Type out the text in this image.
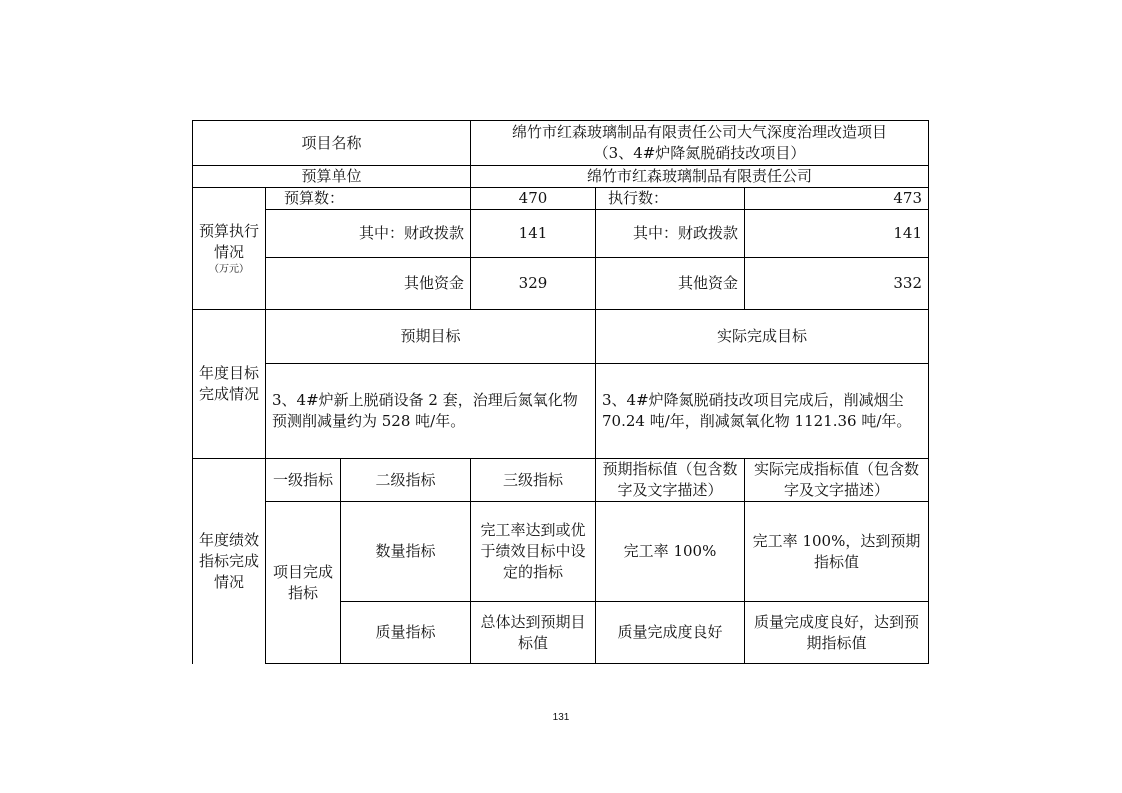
项目名称			绵竹市红森玻璃制品有限责任公司大气深度治理改造项目
（3、4#炉降氮脱硝技改项目）		

预算单位			绵竹市红森玻璃制品有限责任公司		
预算执行情况
（万元）	预算数：		470	执行数：	473
	其中：财政拨款		141	其中：财政拨款	141
	其他资金		329	其他资金	332
年度目标完成情况	预期目标			实际完成目标	
	3、4#炉新上脱硝设备 2 套，治理后氮氧化物预测削减量约为 528 吨/年。			3、4#炉降氮脱硝技改项目完成后，削减烟尘 70.24 吨/年，削减氮氧化物 1121.36 吨/年。	
年度绩效指标完成情况	一级指标	二级指标	三级指标	预期指标值（包含数字及文字描述）	实际完成指标值（包含数字及文字描述）
	项目完成指标	数量指标	完工率达到或优于绩效目标中设定的指标	完工率 100%	完工率 100%，达到预期指标值
		质量指标	总体达到预期目标值	质量完成度良好	质量完成度良好，达到预期指标值
131
